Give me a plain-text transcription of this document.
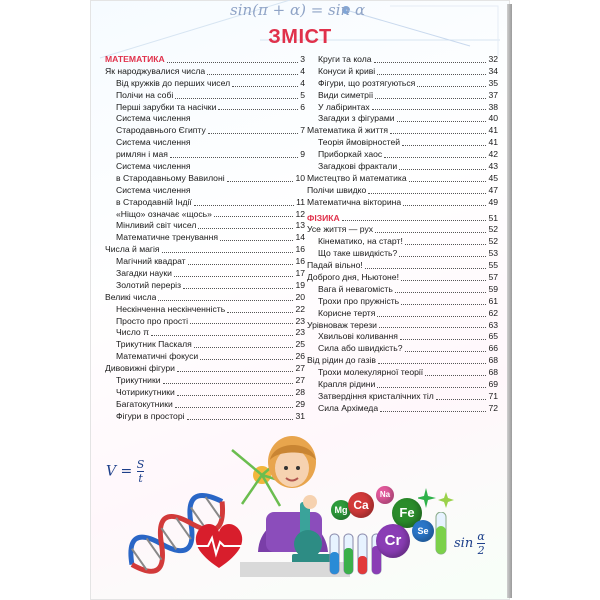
sin(π + α) = sin α
ЗМІСТ
МАТЕМАТИКА	3
Як народжувалися числа	4
Від кружків до перших чисел	4
Полічи на собі	5
Перші зарубки та насічки	6
Система числення
Стародавнього Єгипту	7
Система числення
римлян і мая	9
Система числення
в Стародавньому Вавилоні	10
Система числення
в Стародавній Індії	11
«Ніщо» означає «щось»	12
Мінливий світ чисел	13
Математичне тренування	14
Числа й магія	16
Магічний квадрат	16
Загадки науки	17
Золотий переріз	19
Великі числа	20
Нескінченна нескінченність	22
Просто про прості	23
Число π	23
Трикутник Паскаля	25
Математичні фокуси	26
Дивовижні фігури	27
Трикутники	27
Чотирикутники	28
Багатокутники	29
Фігури в просторі	31
Круги та кола	32
Конуси й криві	34
Фігури, що розтягуються	35
Види симетрії	37
У лабіринтах	38
Загадки з фігурами	40
Математика й життя	41
Теорія ймовірностей	41
Приборкай хаос	42
Загадкові фрактали	43
Мистецтво й математика	45
Полічи швидко	47
Математична вікторина	49
ФІЗИКА	51
Усе життя — рух	52
Кінематико, на старт!	52
Що таке швидкість?	53
Падай вільно!	55
Доброго дня, Ньютоне!	57
Вага й невагомість	59
Трохи про пружність	61
Корисне тертя	62
Урівноваж терези	63
Хвильові коливання	65
Сила або швидкість?	66
Від рідин до газів	68
Трохи молекулярної теорії	68
Крапля рідини	69
Затвердіння кристалічних тіл	71
Сила Архімеда	72
$V = \frac{S}{t}$
Mg Ca
Na
Fe
Cr
Se
$\sin \frac{\alpha}{2}$
